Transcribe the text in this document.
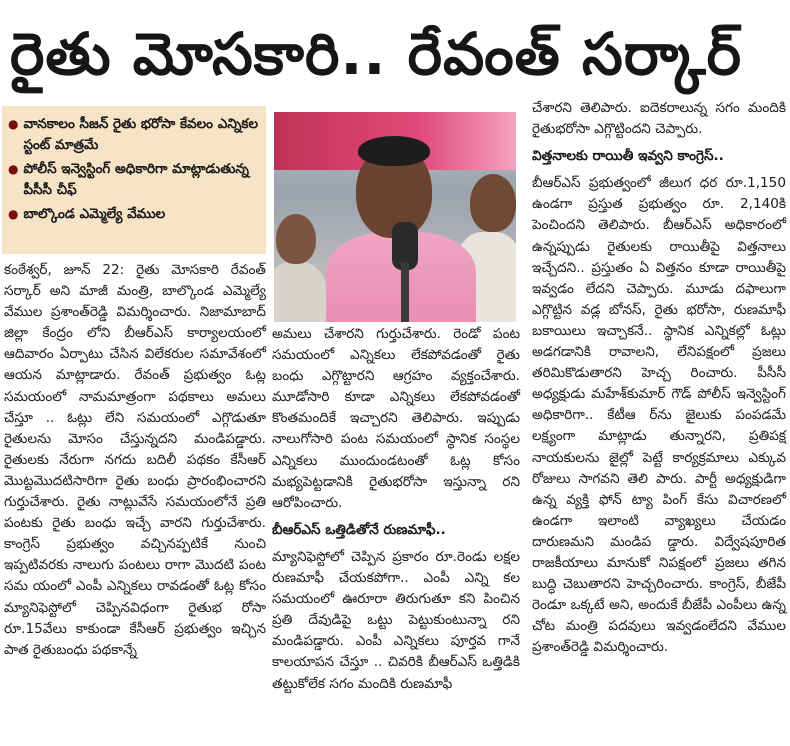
రైతు మోసకారి.. రేవంత్ సర్కార్
● వానకాలం సీజన్ రైతు భరోసా కేవలం ఎన్నికల స్టంట్ మాత్రమే
● పోలీస్ ఇన్వెస్టింగ్ అధికారిగా మాట్లాడుతున్న పీసీసీ చీఫ్
● బాల్కొండ ఎమ్మెల్యే వేముల

కంఠేశ్వర్, జూన్ 22: రైతు మోసకారి రేవంత్ సర్కార్ అని మాజీ మంత్రి, బాల్కొండ ఎమ్మెల్యే వేముల ప్రశాంత్‌రెడ్డి విమర్శించారు. నిజామాబాద్ జిల్లా కేంద్రం లోని బీఆర్ఎస్ కార్యాలయంలో ఆదివారం ఏర్పాటు చేసిన విలేకరుల సమావేశంలో ఆయన మాట్లాడారు. రేవంత్ ప్రభుత్వం ఓట్ల సమయంలో నామమాత్రంగా పథకాలు అమలు చేస్తూ .. ఓట్లు లేని సమయంలో ఎగ్గొడుతూ రైతులను మోసం చేస్తున్నదని మండిపడ్డారు. రైతులకు నేరుగా నగదు బదిలీ పథకం కేసీఆర్ మొట్టమొదటిసారిగా రైతు బంధు ప్రారంభించారని గుర్తుచేశారు. రైతు నాట్లువేసే సమయంలోనే ప్రతి పంటకు రైతు బంధు ఇచ్చే వారని గుర్తుచేశారు. కాంగ్రెస్ ప్రభుత్వం వచ్చినప్పటికే నుంచి ఇప్పటివరకు నాలుగు పంటలు రాగా మొదటి పంట సమ యంలో ఎంపీ ఎన్నికలు రావడంతో ఓట్ల కోసం మ్యానిఫెస్టోలో చెప్పినవిధంగా రైతుభ రోసా రూ.15వేలు కాకుండా కేసీఆర్ ప్రభుత్వం ఇచ్చిన పాత రైతుబంధు పథకాన్నే

అమలు చేశారని గుర్తుచేశారు. రెండో పంట సమయంలో ఎన్నికలు లేకపోవడంతో రైతు బంధు ఎగ్గొట్టారని ఆగ్రహం వ్యక్తంచేశారు. మూడోసారి కూడా ఎన్నికలు లేకపోవడంతో కొంతమందికే ఇచ్చారని తెలిపారు. ఇప్పుడు నాలుగోసారి పంట సమయంలో స్థానిక సంస్థల ఎన్నికలు ముందుండటంతో ఓట్ల కోసం మభ్యపెట్టడానికి రైతుభరోసా ఇస్తున్నా రని ఆరోపించారు.

బీఆర్ఎస్ ఒత్తిడితోనే రుణమాఫీ..

మ్యానిఫెస్టోలో చెప్పిన ప్రకారం రూ.రెండు లక్షల రుణమాఫీ చేయకపోగా.. ఎంపీ ఎన్ని కల సమయంలో ఊరూరా తిరుగుతూ కని పించిన ప్రతి దేవుడిపై ఒట్టు పెట్టుకుంటున్నా రని మండిపడ్డారు. ఎంపీ ఎన్నికలు పూర్తవ గానే కాలయాపన చేస్తూ .. చివరికి బీఆర్ఎస్ ఒత్తిడికి తట్టుకోలేక సగం మందికి రుణమాఫీ

చేశారని తెలిపారు. ఐదెకరాలున్న సగం మందికి రైతుభరోసా ఎగ్గొట్టిందని చెప్పారు.

విత్తనాలకు రాయితీ ఇవ్వని కాంగ్రెస్..

బీఆర్ఎస్ ప్రభుత్వంలో జీలుగ ధర రూ.1,150 ఉండగా ప్రస్తుత ప్రభుత్వం రూ. 2,140కి పెంచిందని తెలిపారు. బీఆర్ఎస్ అధికారంలో ఉన్నప్పుడు రైతులకు రాయితీపై విత్తనాలు ఇచ్చేదని.. ప్రస్తుతం ఏ విత్తనం కూడా రాయితీపై ఇవ్వడం లేదని చెప్పారు. మూడు దఫాలుగా ఎగ్గొట్టిన వడ్ల బోనస్, రైతు భరోసా, రుణమాఫీ బకాయిలు ఇచ్చాకనే.. స్థానిక ఎన్నికల్లో ఓట్లు అడగడానికి రావాలని, లేనిపక్షంలో ప్రజలు తరిమికొడుతారని హెచ్చ రించారు. పీసీసీ అధ్యక్షుడు మహేశ్‌కుమార్ గౌడ్ పోలీస్ ఇన్వెస్టింగ్ అధికారిగా.. కేటీఆ ర్‌ను జైలుకు పంపడమే లక్ష్యంగా మాట్లాడు తున్నారని, ప్రతిపక్ష నాయకులను జైల్లో పెట్టే కార్యక్రమాలు ఎక్కువ రోజులు సాగవని తెలి పారు. పార్టీ అధ్యక్షుడిగా ఉన్న వ్యక్తి ఫోన్ ట్యా పింగ్ కేసు విచారణలో ఉండగా ఇలాంటి వ్యాఖ్యలు చేయడం దారుణమని మండిప డ్డారు. విద్వేషపూరిత రాజకీయాలు మానుకో నిపక్షంలో ప్రజలు తగిన బుద్ధి చెబుతారని హెచ్చరించారు. కాంగ్రెస్, బీజేపీ రెండూ ఒక్కటే అని, అందుకే బీజేపీ ఎంపీలు ఉన్న చోట మంత్రి పదవులు ఇవ్వడంలేదని వేముల ప్రశాంత్‌రెడ్డి విమర్శించారు.
